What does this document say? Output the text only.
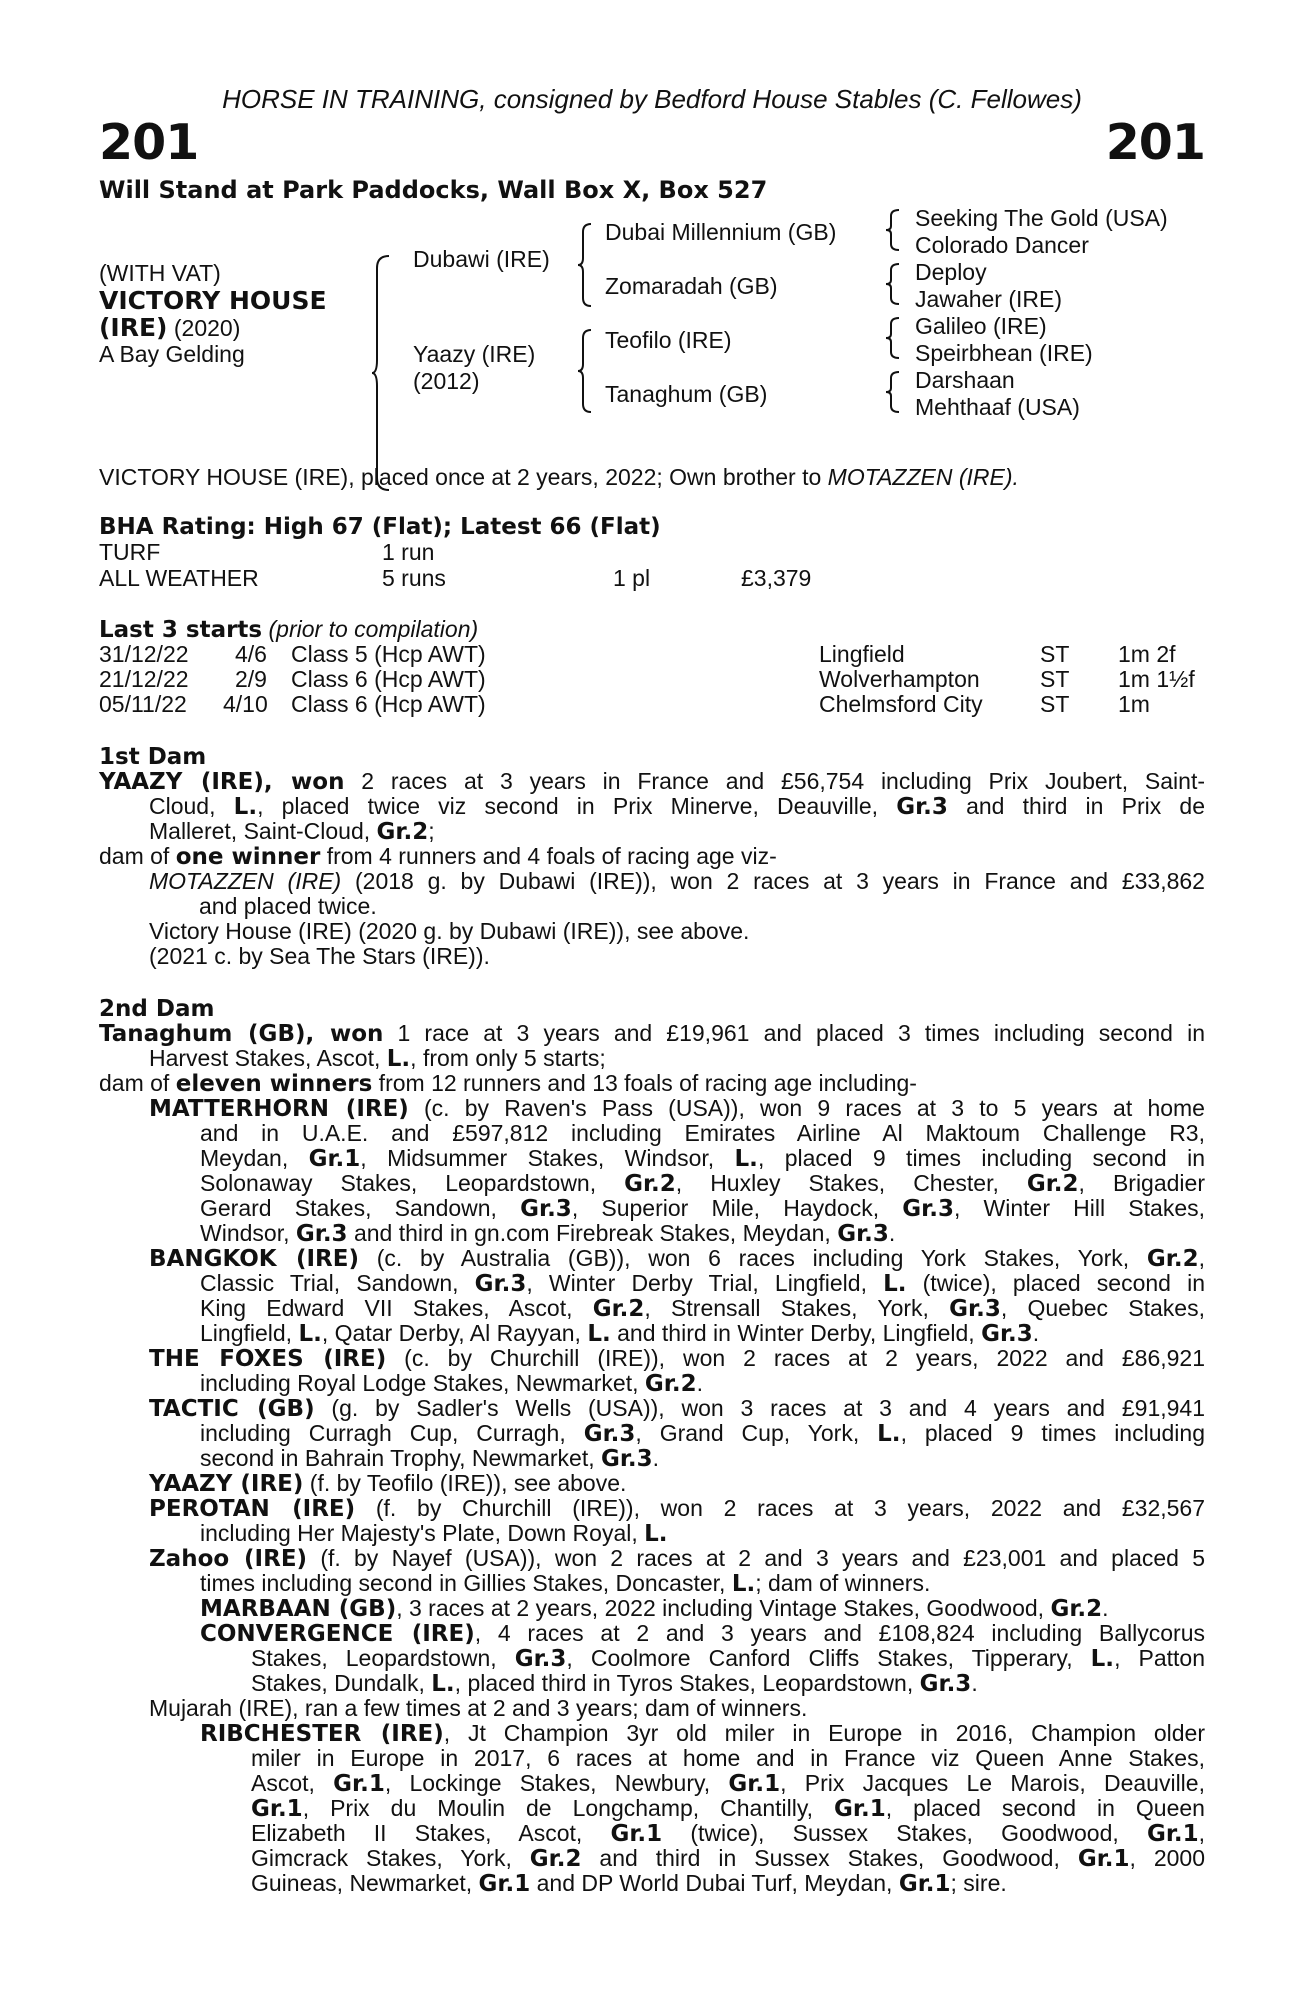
HORSE IN TRAINING, consigned by Bedford House Stables (C. Fellowes)
201	201
Will Stand at Park Paddocks, Wall Box X, Box 527
(WITH VAT)
VICTORY HOUSE
(IRE) (2020)
A Bay Gelding
Dubawi (IRE)
Yaazy (IRE)
(2012)
Dubai Millennium (GB)
Zomaradah (GB)
Teofilo (IRE)
Tanaghum (GB)
Seeking The Gold (USA)
Colorado Dancer
Deploy
Jawaher (IRE)
Galileo (IRE)
Speirbhean (IRE)
Darshaan
Mehthaaf (USA)
VICTORY HOUSE (IRE), placed once at 2 years, 2022; Own brother to MOTAZZEN (IRE).
BHA Rating: High 67 (Flat); Latest 66 (Flat)
TURF	1 run
ALL WEATHER	5 runs	1 pl	£3,379
Last 3 starts (prior to compilation)
31/12/22 4/6 Class 5 (Hcp AWT)	Lingfield	ST 1m 2f
21/12/22 2/9 Class 6 (Hcp AWT)	Wolverhampton	ST 1m 1½f
05/11/22 4/10 Class 6 (Hcp AWT)	Chelmsford City ST 1m
1st Dam
YAAZY (IRE), won 2 races at 3 years in France and £56,754 including Prix Joubert, Saint-
Cloud, L., placed twice viz second in Prix Minerve, Deauville, Gr.3 and third in Prix de
Malleret, Saint-Cloud, Gr.2;
dam of one winner from 4 runners and 4 foals of racing age viz-
MOTAZZEN (IRE) (2018 g. by Dubawi (IRE)), won 2 races at 3 years in France and £33,862
and placed twice.
Victory House (IRE) (2020 g. by Dubawi (IRE)), see above.
(2021 c. by Sea The Stars (IRE)).
2nd Dam
Tanaghum (GB), won 1 race at 3 years and £19,961 and placed 3 times including second in
Harvest Stakes, Ascot, L., from only 5 starts;
dam of eleven winners from 12 runners and 13 foals of racing age including-
MATTERHORN (IRE) (c. by Raven's Pass (USA)), won 9 races at 3 to 5 years at home
and in U.A.E. and £597,812 including Emirates Airline Al Maktoum Challenge R3,
Meydan, Gr.1, Midsummer Stakes, Windsor, L., placed 9 times including second in
Solonaway Stakes, Leopardstown, Gr.2, Huxley Stakes, Chester, Gr.2, Brigadier
Gerard Stakes, Sandown, Gr.3, Superior Mile, Haydock, Gr.3, Winter Hill Stakes,
Windsor, Gr.3 and third in gn.com Firebreak Stakes, Meydan, Gr.3.
BANGKOK (IRE) (c. by Australia (GB)), won 6 races including York Stakes, York, Gr.2,
Classic Trial, Sandown, Gr.3, Winter Derby Trial, Lingfield, L. (twice), placed second in
King Edward VII Stakes, Ascot, Gr.2, Strensall Stakes, York, Gr.3, Quebec Stakes,
Lingfield, L., Qatar Derby, Al Rayyan, L. and third in Winter Derby, Lingfield, Gr.3.
THE FOXES (IRE) (c. by Churchill (IRE)), won 2 races at 2 years, 2022 and £86,921
including Royal Lodge Stakes, Newmarket, Gr.2.
TACTIC (GB) (g. by Sadler's Wells (USA)), won 3 races at 3 and 4 years and £91,941
including Curragh Cup, Curragh, Gr.3, Grand Cup, York, L., placed 9 times including
second in Bahrain Trophy, Newmarket, Gr.3.
YAAZY (IRE) (f. by Teofilo (IRE)), see above.
PEROTAN (IRE) (f. by Churchill (IRE)), won 2 races at 3 years, 2022 and £32,567
including Her Majesty's Plate, Down Royal, L.
Zahoo (IRE) (f. by Nayef (USA)), won 2 races at 2 and 3 years and £23,001 and placed 5
times including second in Gillies Stakes, Doncaster, L.; dam of winners.
MARBAAN (GB), 3 races at 2 years, 2022 including Vintage Stakes, Goodwood, Gr.2.
CONVERGENCE (IRE), 4 races at 2 and 3 years and £108,824 including Ballycorus
Stakes, Leopardstown, Gr.3, Coolmore Canford Cliffs Stakes, Tipperary, L., Patton
Stakes, Dundalk, L., placed third in Tyros Stakes, Leopardstown, Gr.3.
Mujarah (IRE), ran a few times at 2 and 3 years; dam of winners.
RIBCHESTER (IRE), Jt Champion 3yr old miler in Europe in 2016, Champion older
miler in Europe in 2017, 6 races at home and in France viz Queen Anne Stakes,
Ascot, Gr.1, Lockinge Stakes, Newbury, Gr.1, Prix Jacques Le Marois, Deauville,
Gr.1, Prix du Moulin de Longchamp, Chantilly, Gr.1, placed second in Queen
Elizabeth II Stakes, Ascot, Gr.1 (twice), Sussex Stakes, Goodwood, Gr.1,
Gimcrack Stakes, York, Gr.2 and third in Sussex Stakes, Goodwood, Gr.1, 2000
Guineas, Newmarket, Gr.1 and DP World Dubai Turf, Meydan, Gr.1; sire.
